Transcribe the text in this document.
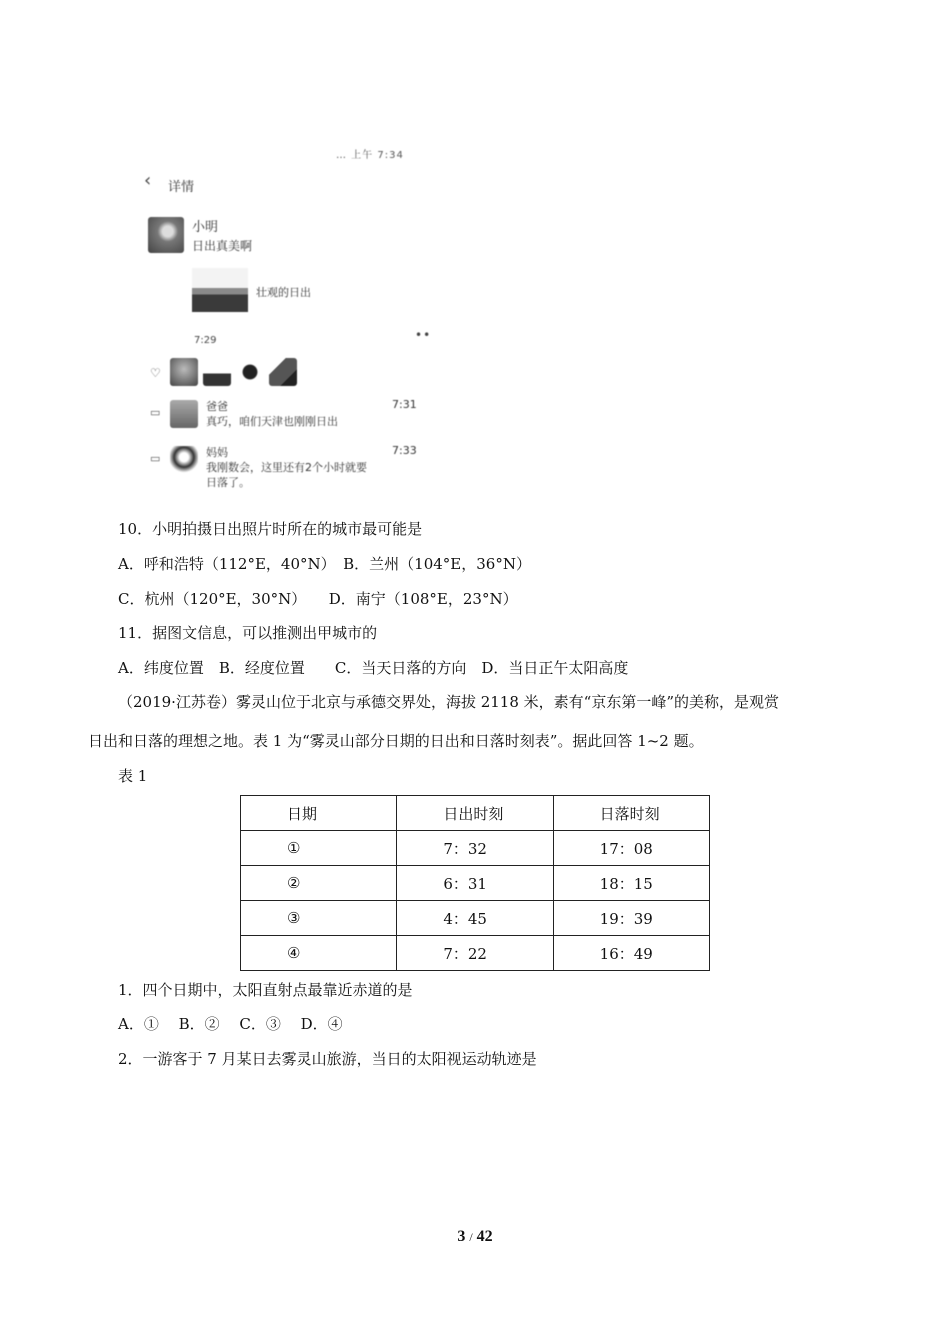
… 上午 7:34
‹ 详情
小明
日出真美啊
壮观的日出
7:29	••
♡
▭	爸爸
真巧，咱们天津也刚刚日出
7:31
▭	妈妈
我刚数会，这里还有2个小时就要日落了。
7:33
10．小明拍摄日出照片时所在的城市最可能是
A．呼和浩特（112°E，40°N）　B．兰州（104°E，36°N）
C．杭州（120°E，30°N）　　D．南宁（108°E，23°N）
11．据图文信息，可以推测出甲城市的
A．纬度位置　B．经度位置　　C．当天日落的方向　D．当日正午太阳高度
（2019·江苏卷）雾灵山位于北京与承德交界处，海拔 2118 米，素有“京东第一峰”的美称，是观赏
日出和日落的理想之地。表 1 为“雾灵山部分日期的日出和日落时刻表”。据此回答 1~2 题。
表 1
日期	日出时刻	日落时刻
①	7：32	17：08
②	6：31	18：15
③	4：45	19：39
④	7：22	16：49
1．四个日期中，太阳直射点最靠近赤道的是
A．①　 B．②　 C．③　 D．④
2．一游客于 7 月某日去雾灵山旅游，当日的太阳视运动轨迹是
3 / 42
